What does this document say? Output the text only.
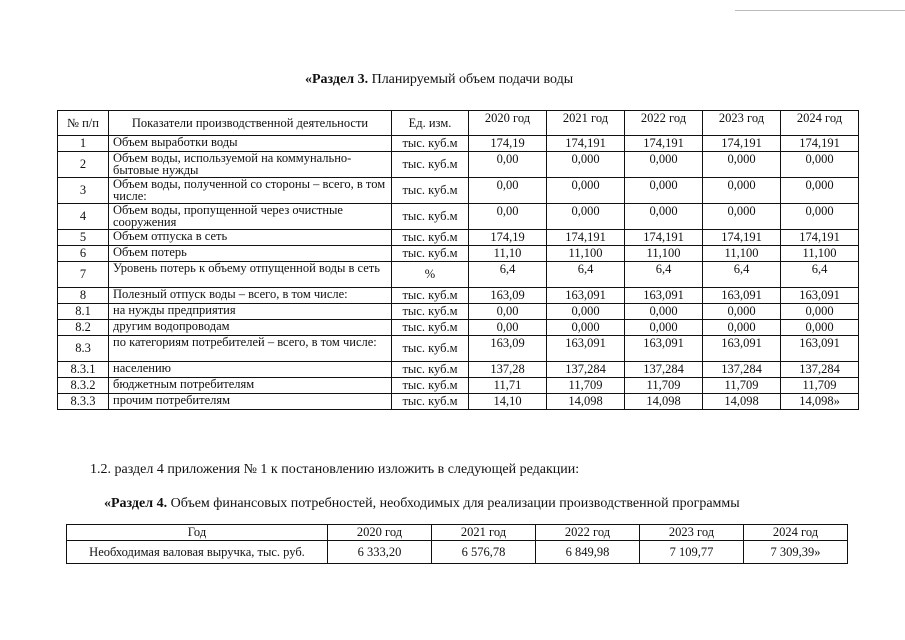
«Раздел 3. Планируемый объем подачи воды
№ п/п	Показатели производственной деятельности	Ед. изм.	2020 год	2021 год	2022 год	2023 год	2024 год
1	Объем выработки воды	тыс. куб.м	174,19	174,191	174,191	174,191	174,191
2	Объем воды, используемой на коммунально-бытовые нужды	тыс. куб.м	0,00	0,000	0,000	0,000	0,000
3	Объем воды, полученной со стороны – всего, в том числе:	тыс. куб.м	0,00	0,000	0,000	0,000	0,000
4	Объем воды, пропущенной через очистные сооружения	тыс. куб.м	0,00	0,000	0,000	0,000	0,000
5	Объем отпуска в сеть	тыс. куб.м	174,19	174,191	174,191	174,191	174,191
6	Объем потерь	тыс. куб.м	11,10	11,100	11,100	11,100	11,100
7	Уровень потерь к объему отпущенной воды в сеть	%	6,4	6,4	6,4	6,4	6,4
8	Полезный отпуск воды – всего, в том числе:	тыс. куб.м	163,09	163,091	163,091	163,091	163,091
8.1	на нужды предприятия	тыс. куб.м	0,00	0,000	0,000	0,000	0,000
8.2	другим водопроводам	тыс. куб.м	0,00	0,000	0,000	0,000	0,000
8.3	по категориям потребителей – всего, в том числе:	тыс. куб.м	163,09	163,091	163,091	163,091	163,091
8.3.1	населению	тыс. куб.м	137,28	137,284	137,284	137,284	137,284
8.3.2	бюджетным потребителям	тыс. куб.м	11,71	11,709	11,709	11,709	11,709
8.3.3	прочим потребителям	тыс. куб.м	14,10	14,098	14,098	14,098	14,098»
1.2. раздел 4 приложения № 1 к постановлению изложить в следующей редакции:
«Раздел 4. Объем финансовых потребностей, необходимых для реализации производственной программы
Год	2020 год	2021 год	2022 год	2023 год	2024 год
Необходимая валовая выручка, тыс. руб.	6 333,20	6 576,78	6 849,98	7 109,77	7 309,39»
